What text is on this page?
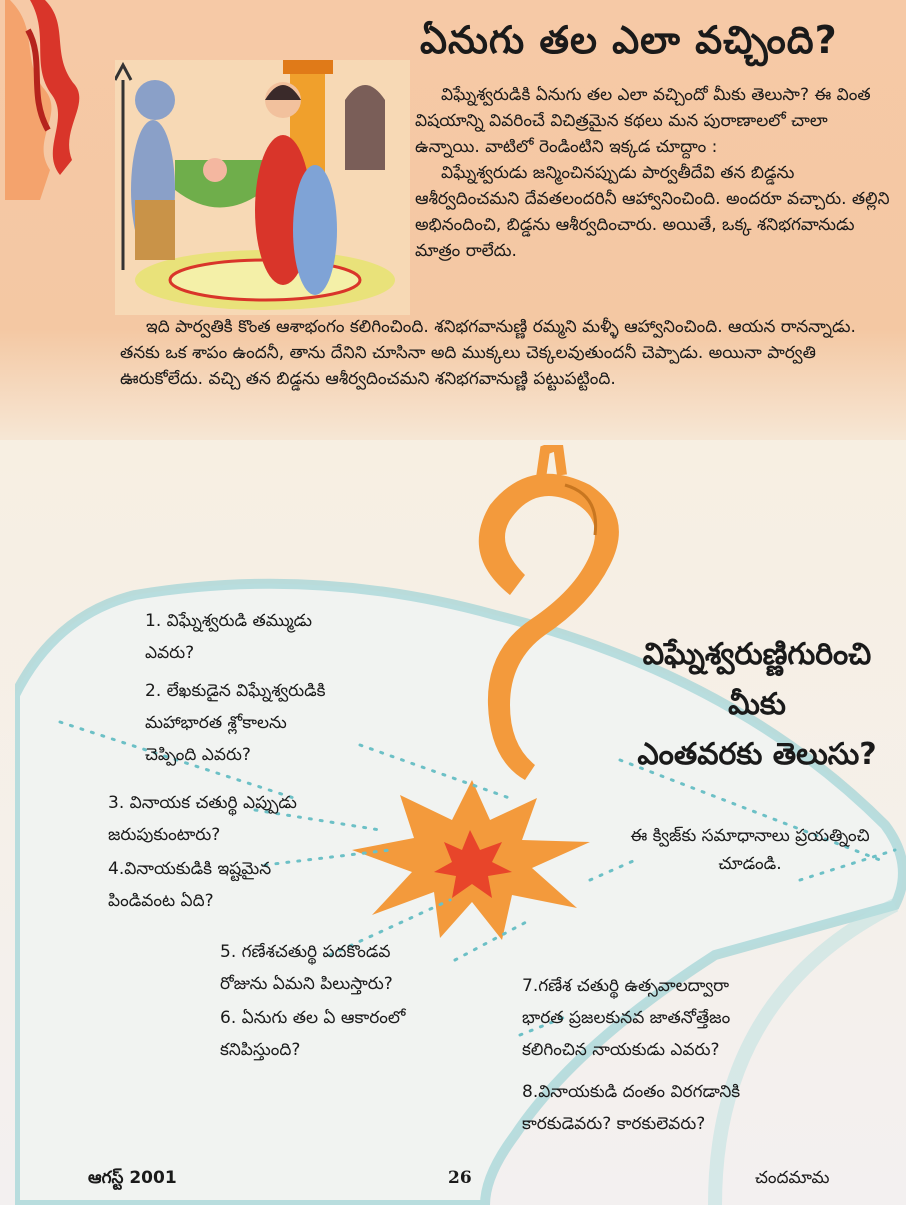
ఏనుగు తల ఎలా వచ్చింది?

విఘ్నేశ్వరుడికి ఏనుగు తల ఎలా వచ్చిందో మీకు తెలుసా? ఈ వింత విషయాన్ని వివరించే విచిత్రమైన కథలు మన పురాణాలలో చాలా ఉన్నాయి. వాటిలో రెండింటిని ఇక్కడ చూద్దాం :

విఘ్నేశ్వరుడు జన్మించినప్పుడు పార్వతీదేవి తన బిడ్డను ఆశీర్వదించమని దేవతలందరినీ ఆహ్వానించింది. అందరూ వచ్చారు. తల్లిని అభినందించి, బిడ్డను ఆశీర్వదించారు. అయితే, ఒక్క శనిభగవానుడు మాత్రం రాలేదు.

ఇది పార్వతికి కొంత ఆశాభంగం కలిగించింది. శనిభగవానుణ్ణి రమ్మని మళ్ళీ ఆహ్వానించింది. ఆయన రానన్నాడు. తనకు ఒక శాపం ఉందనీ, తాను దేనిని చూసినా అది ముక్కలు చెక్కలవుతుందనీ చెప్పాడు. అయినా పార్వతి ఊరుకోలేదు. వచ్చి తన బిడ్డను ఆశీర్వదించమని శనిభగవానుణ్ణి పట్టుపట్టింది.

విఘ్నేశ్వరుణ్ణిగురించి
మీకు
ఎంతవరకు తెలుసు?
ఈ క్విజ్‌కు సమాధానాలు ప్రయత్నించి చూడండి.
1. విఘ్నేశ్వరుడి తమ్ముడు
ఎవరు?
2. లేఖకుడైన విఘ్నేశ్వరుడికి
మహాభారత శ్లోకాలను
చెప్పింది ఎవరు?
3. వినాయక చతుర్థి ఎప్పుడు
జరుపుకుంటారు?
4.వినాయకుడికి ఇష్టమైన
పిండివంట ఏది?
5. గణేశచతుర్థి పదకొండవ
రోజును ఏమని పిలుస్తారు?
6. ఏనుగు తల ఏ ఆకారంలో
కనిపిస్తుంది?
7.గణేశ చతుర్థి ఉత్సవాలద్వారా
భారత ప్రజలకునవ జాతనోత్తేజం
కలిగించిన నాయకుడు ఎవరు?
8.వినాయకుడి దంతం విరగడానికి
కారకుడెవరు? కారకులెవరు?
ఆగస్ట్ 2001	26	చందమామ
